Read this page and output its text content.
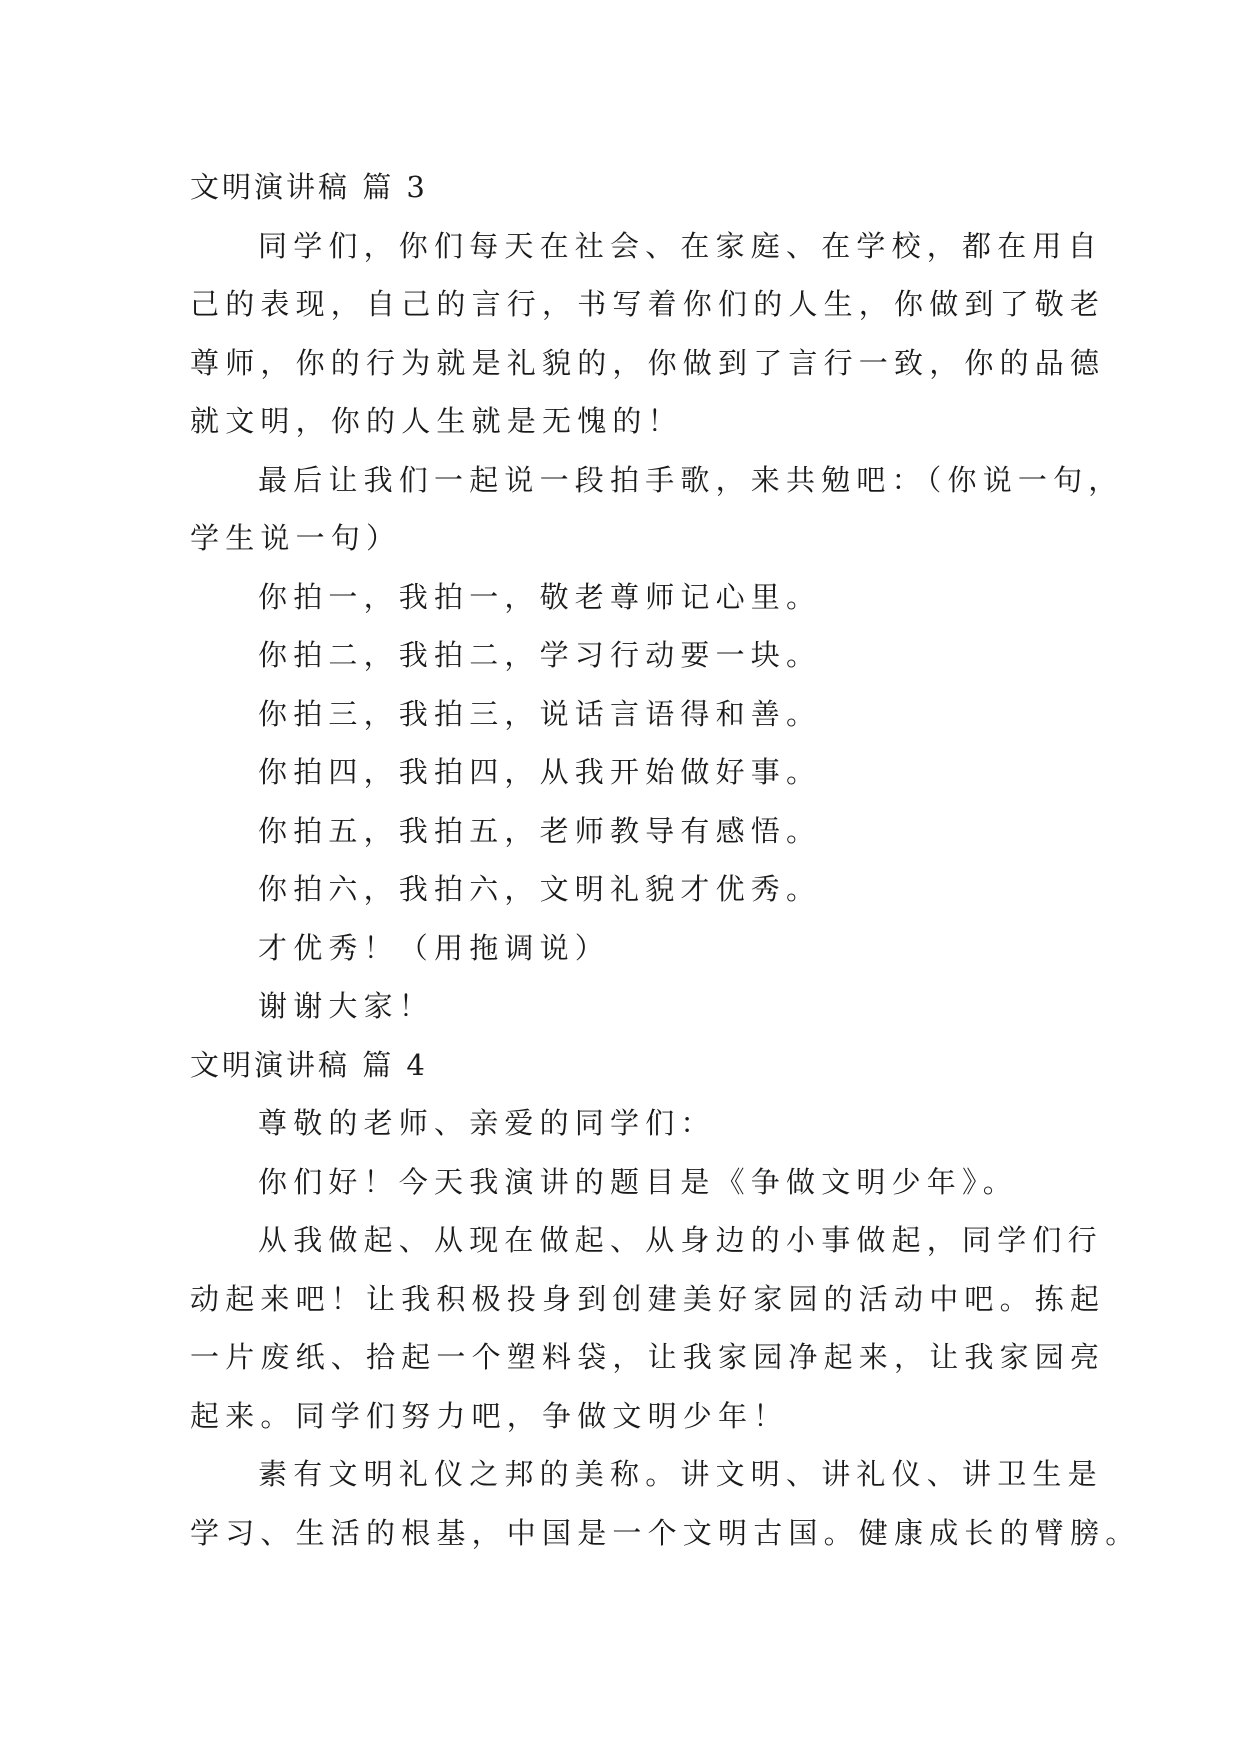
文明演讲稿 篇 3
同学们，你们每天在社会、在家庭、在学校，都在用自
己的表现，自己的言行，书写着你们的人生，你做到了敬老
尊师，你的行为就是礼貌的，你做到了言行一致，你的品德
就文明，你的人生就是无愧的！
最后让我们一起说一段拍手歌，来共勉吧：（你说一句，
学生说一句）
你拍一，我拍一，敬老尊师记心里。
你拍二，我拍二，学习行动要一块。
你拍三，我拍三，说话言语得和善。
你拍四，我拍四，从我开始做好事。
你拍五，我拍五，老师教导有感悟。
你拍六，我拍六，文明礼貌才优秀。
才优秀！（用拖调说）
谢谢大家！
文明演讲稿 篇 4
尊敬的老师、亲爱的同学们：
你们好！今天我演讲的题目是《争做文明少年》。
从我做起、从现在做起、从身边的小事做起，同学们行
动起来吧！让我积极投身到创建美好家园的活动中吧。拣起
一片废纸、拾起一个塑料袋，让我家园净起来，让我家园亮
起来。同学们努力吧，争做文明少年！
素有文明礼仪之邦的美称。讲文明、讲礼仪、讲卫生是
学习、生活的根基，中国是一个文明古国。健康成长的臂膀。
